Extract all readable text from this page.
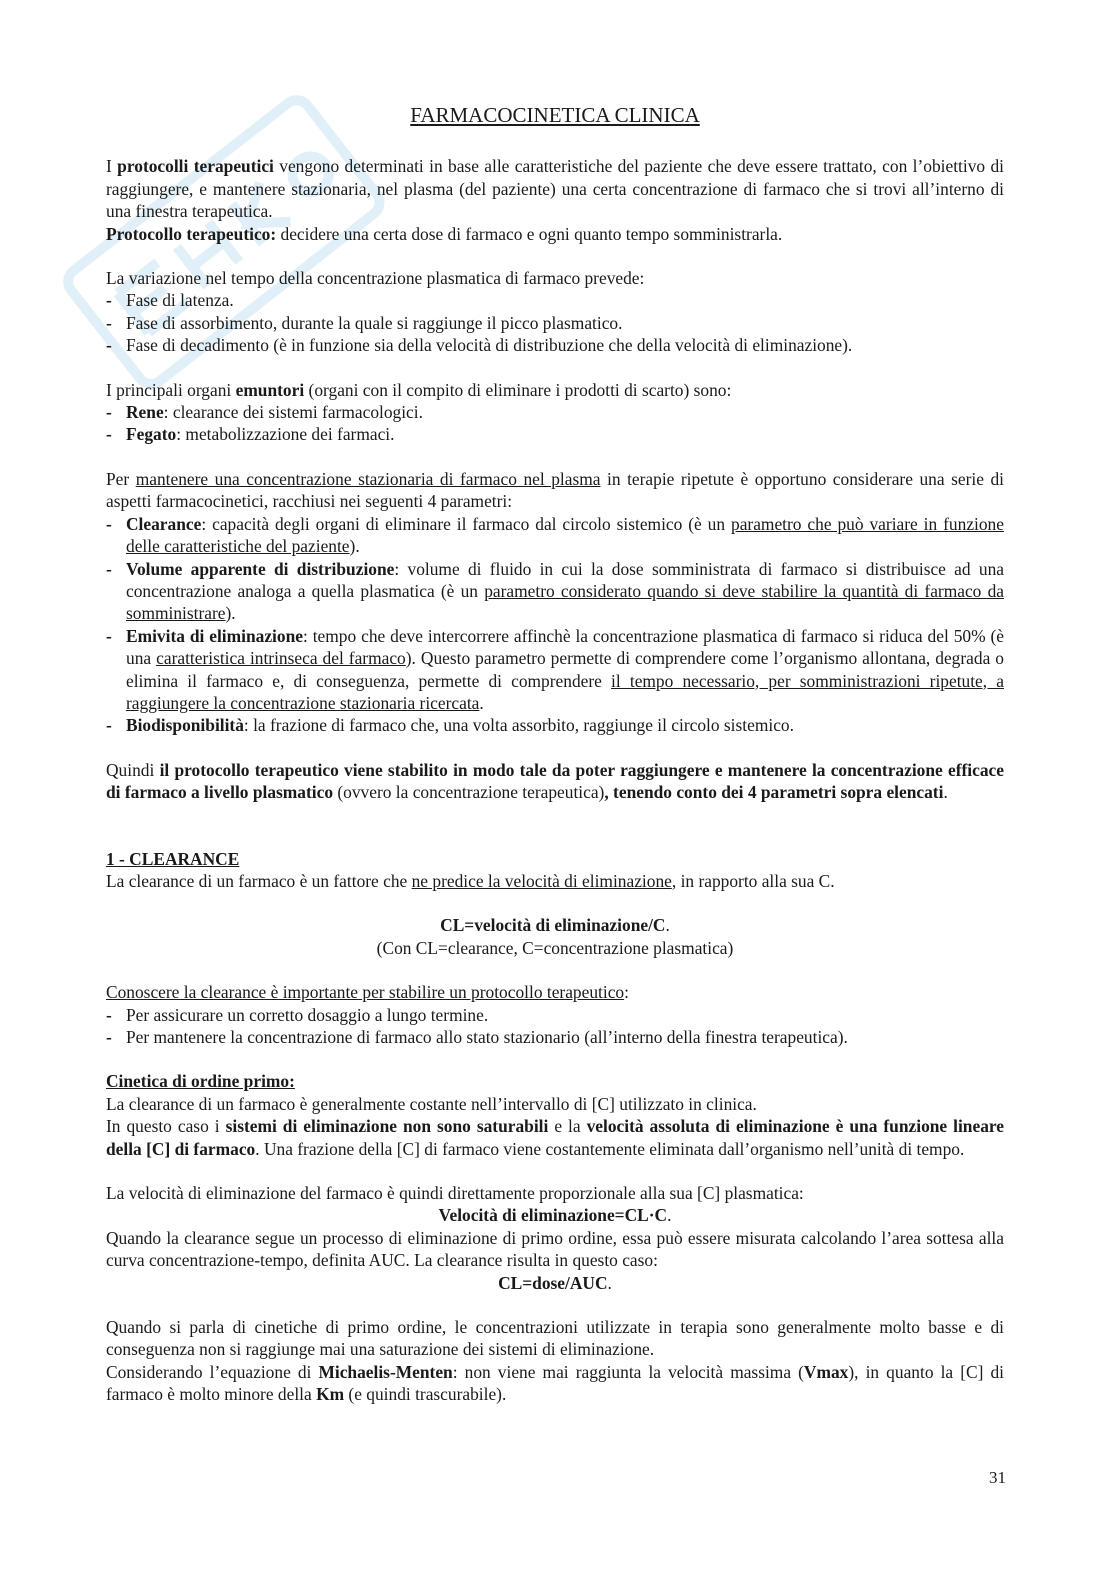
FARMACOCINETICA CLINICA

I protocolli terapeutici vengono determinati in base alle caratteristiche del paziente che deve essere trattato, con l’obiettivo di raggiungere, e mantenere stazionaria, nel plasma (del paziente) una certa concentrazione di farmaco che si trovi all’interno di una finestra terapeutica.

Protocollo terapeutico: decidere una certa dose di farmaco e ogni quanto tempo somministrarla.

La variazione nel tempo della concentrazione plasmatica di farmaco prevede:

- Fase di latenza.
- Fase di assorbimento, durante la quale si raggiunge il picco plasmatico.
- Fase di decadimento (è in funzione sia della velocità di distribuzione che della velocità di eliminazione).

I principali organi emuntori (organi con il compito di eliminare i prodotti di scarto) sono:

- Rene: clearance dei sistemi farmacologici.
- Fegato: metabolizzazione dei farmaci.

Per mantenere una concentrazione stazionaria di farmaco nel plasma in terapie ripetute è opportuno considerare una serie di aspetti farmacocinetici, racchiusi nei seguenti 4 parametri:

- Clearance: capacità degli organi di eliminare il farmaco dal circolo sistemico (è un parametro che può variare in funzione delle caratteristiche del paziente).
- Volume apparente di distribuzione: volume di fluido in cui la dose somministrata di farmaco si distribuisce ad una concentrazione analoga a quella plasmatica (è un parametro considerato quando si deve stabilire la quantità di farmaco da somministrare).
- Emivita di eliminazione: tempo che deve intercorrere affinchè la concentrazione plasmatica di farmaco si riduca del 50% (è una caratteristica intrinseca del farmaco). Questo parametro permette di comprendere come l’organismo allontana, degrada o elimina il farmaco e, di conseguenza, permette di comprendere il tempo necessario, per somministrazioni ripetute, a raggiungere la concentrazione stazionaria ricercata.
- Biodisponibilità: la frazione di farmaco che, una volta assorbito, raggiunge il circolo sistemico.

Quindi il protocollo terapeutico viene stabilito in modo tale da poter raggiungere e mantenere la concentrazione efficace di farmaco a livello plasmatico (ovvero la concentrazione terapeutica), tenendo conto dei 4 parametri sopra elencati.

1 - CLEARANCE

La clearance di un farmaco è un fattore che ne predice la velocità di eliminazione, in rapporto alla sua C.

CL=velocità di eliminazione/C.

(Con CL=clearance, C=concentrazione plasmatica)

Conoscere la clearance è importante per stabilire un protocollo terapeutico:

- Per assicurare un corretto dosaggio a lungo termine.
- Per mantenere la concentrazione di farmaco allo stato stazionario (all’interno della finestra terapeutica).

Cinetica di ordine primo:

La clearance di un farmaco è generalmente costante nell’intervallo di [C] utilizzato in clinica.

In questo caso i sistemi di eliminazione non sono saturabili e la velocità assoluta di eliminazione è una funzione lineare della [C] di farmaco. Una frazione della [C] di farmaco viene costantemente eliminata dall’organismo nell’unità di tempo.

La velocità di eliminazione del farmaco è quindi direttamente proporzionale alla sua [C] plasmatica:

Velocità di eliminazione=CL·C.

Quando la clearance segue un processo di eliminazione di primo ordine, essa può essere misurata calcolando l’area sottesa alla curva concentrazione-tempo, definita AUC. La clearance risulta in questo caso:

CL=dose/AUC.

Quando si parla di cinetiche di primo ordine, le concentrazioni utilizzate in terapia sono generalmente molto basse e di conseguenza non si raggiunge mai una saturazione dei sistemi di eliminazione.

Considerando l’equazione di Michaelis-Menten: non viene mai raggiunta la velocità massima (Vmax), in quanto la [C] di farmaco è molto minore della Km (e quindi trascurabile).

31
